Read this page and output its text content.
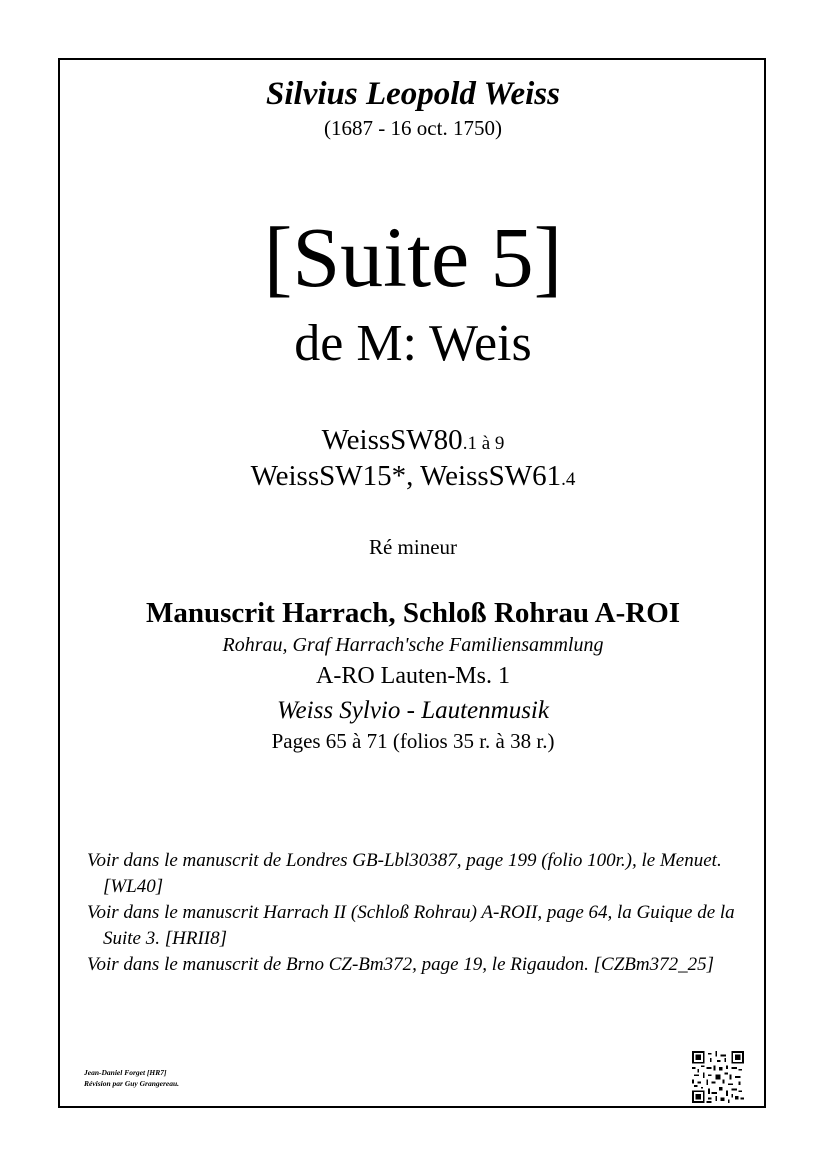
Silvius Leopold Weiss
(1687 - 16 oct. 1750)
[Suite 5]
de M: Weis
WeissSW80.1 à 9
WeissSW15*, WeissSW61.4
Ré mineur
Manuscrit Harrach, Schloß Rohrau A-ROI
Rohrau, Graf Harrach'sche Familiensammlung
A-RO Lauten-Ms. 1
Weiss Sylvio - Lautenmusik
Pages 65 à 71 (folios 35 r. à 38 r.)
Voir dans le manuscrit de Londres GB-Lbl30387, page 199 (folio 100r.), le Menuet. [WL40]
Voir dans le manuscrit Harrach II (Schloß Rohrau) A-ROII, page 64, la Guique de la Suite 3. [HRII8]
Voir dans le manuscrit de Brno CZ-Bm372, page 19, le Rigaudon. [CZBm372_25]
Jean-Daniel Forget [HR7]
Révision par Guy Grangereau.
